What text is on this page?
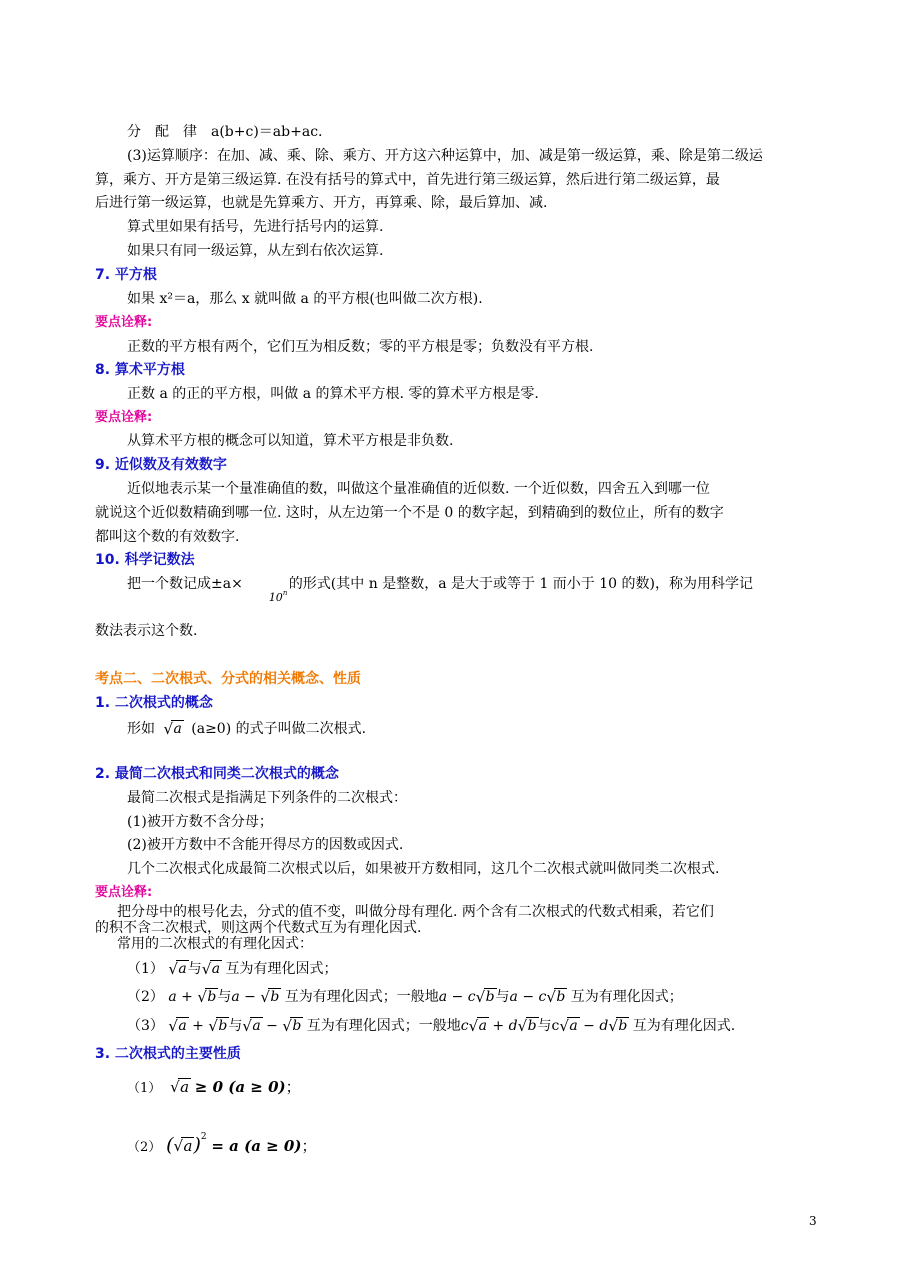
分　配　律　a(b+c)＝ab+ac.
(3)运算顺序：在加、减、乘、除、乘方、开方这六种运算中，加、减是第一级运算，乘、除是第二级运
算，乘方、开方是第三级运算. 在没有括号的算式中，首先进行第三级运算，然后进行第二级运算，最
后进行第一级运算，也就是先算乘方、开方，再算乘、除，最后算加、减.
算式里如果有括号，先进行括号内的运算.
如果只有同一级运算，从左到右依次运算.
7. 平方根
如果 x²＝a，那么 x 就叫做 a 的平方根(也叫做二次方根).
要点诠释:
正数的平方根有两个，它们互为相反数；零的平方根是零；负数没有平方根.
8. 算术平方根
正数 a 的正的平方根，叫做 a 的算术平方根. 零的算术平方根是零.
要点诠释:
从算术平方根的概念可以知道，算术平方根是非负数.
9. 近似数及有效数字
近似地表示某一个量准确值的数，叫做这个量准确值的近似数. 一个近似数，四舍五入到哪一位
就说这个近似数精确到哪一位. 这时，从左边第一个不是 0 的数字起，到精确到的数位止，所有的数字
都叫这个数的有效数字.
10. 科学记数法
把一个数记成±a×
10 n
的形式(其中 n 是整数，a 是大于或等于 1 而小于 10 的数)，称为用科学记
数法表示这个数.
考点二、二次根式、分式的相关概念、性质
1. 二次根式的概念
形如 √ a (a≥0) 的式子叫做二次根式.
2. 最简二次根式和同类二次根式的概念
最简二次根式是指满足下列条件的二次根式：
(1)被开方数不含分母；
(2)被开方数中不含能开得尽方的因数或因式.
几个二次根式化成最简二次根式以后，如果被开方数相同，这几个二次根式就叫做同类二次根式.
要点诠释:
把分母中的根号化去，分式的值不变，叫做分母有理化. 两个含有二次根式的代数式相乘，若它们
的积不含二次根式，则这两个代数式互为有理化因式.
常用的二次根式的有理化因式：
（1） √ a与 √ a 互为有理化因式；
（2） a + √ b与a − √ b 互为有理化因式；一般地a − c √ b与a − c √ b 互为有理化因式；
（3） √ a + √ b与 √ a − √ b 互为有理化因式；一般地c √ a + d √ b与c √ a − d √ b 互为有理化因式.
3. 二次根式的主要性质
（1） √ a ≥ 0 (a ≥ 0)；
（2） ( √ a)$^2$ = a (a ≥ 0)；
3
